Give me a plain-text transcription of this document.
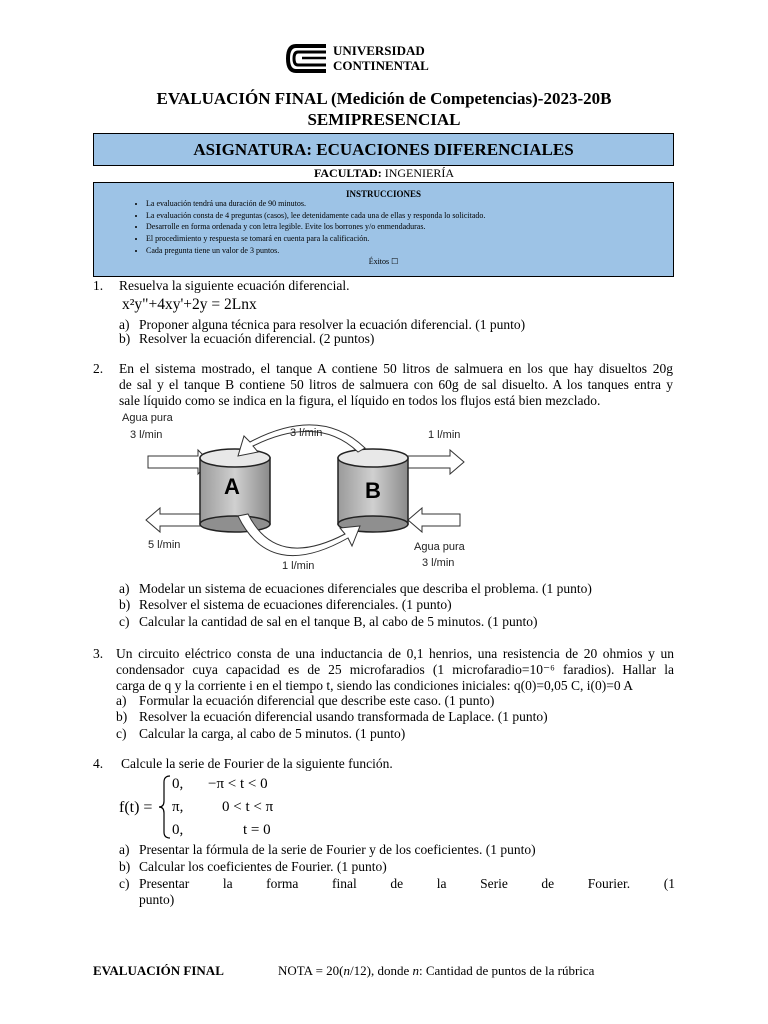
UNIVERSIDAD
CONTINENTAL
EVALUACIÓN FINAL (Medición de Competencias)-2023-20B
SEMIPRESENCIAL
ASIGNATURA: ECUACIONES DIFERENCIALES
FACULTAD: INGENIERÍA
INSTRUCCIONES
• La evaluación tendrá una duración de 90 minutos.
• La evaluación consta de 4 preguntas (casos), lee detenidamente cada una de ellas y responda lo solicitado.
• Desarrolle en forma ordenada y con letra legible. Evite los borrones y/o enmendaduras.
• El procedimiento y respuesta se tomará en cuenta para la calificación.
• Cada pregunta tiene un valor de 3 puntos.
Éxitos ☐
1. Resuelva la siguiente ecuación diferencial.
x²y"+4xy'+2y = 2Lnx
a) Proponer alguna técnica para resolver la ecuación diferencial. (1 punto)
b) Resolver la ecuación diferencial. (2 puntos)
2. En el sistema mostrado, el tanque A contiene 50 litros de salmuera en los que hay disueltos 20g
de sal y el tanque B contiene 50 litros de salmuera con 60g de sal disuelto. A los tanques entra y
sale líquido como se indica en la figura, el líquido en todos los flujos está bien mezclado.
Agua pura
3 l/min	3 l/min	1 l/min
A	B
5 l/min	Agua pura
3 l/min
1 l/min
a) Modelar un sistema de ecuaciones diferenciales que describa el problema. (1 punto)
b) Resolver el sistema de ecuaciones diferenciales. (1 punto)
c) Calcular la cantidad de sal en el tanque B, al cabo de 5 minutos. (1 punto)
3. Un circuito eléctrico consta de una inductancia de 0,1 henrios, una resistencia de 20 ohmios y un
condensador cuya capacidad es de 25 microfaradios (1 microfaradio=10⁻⁶ faradios). Hallar la
carga de q y la corriente i en el tiempo t, siendo las condiciones iniciales: q(0)=0,05 C, i(0)=0 A
a) Formular la ecuación diferencial que describe este caso. (1 punto)
b) Resolver la ecuación diferencial usando transformada de Laplace. (1 punto)
c) Calcular la carga, al cabo de 5 minutos. (1 punto)
4. Calcule la serie de Fourier de la siguiente función.
f(t) =
0, −π < t < 0
π,	0 < t < π
0,	t = 0
a) Presentar la fórmula de la serie de Fourier y de los coeficientes. (1 punto)
b) Calcular los coeficientes de Fourier. (1 punto)
c) Presentar la forma final de la Serie de Fourier. (1 punto)
EVALUACIÓN FINAL	NOTA = 20(n/12), donde n: Cantidad de puntos de la rúbrica
